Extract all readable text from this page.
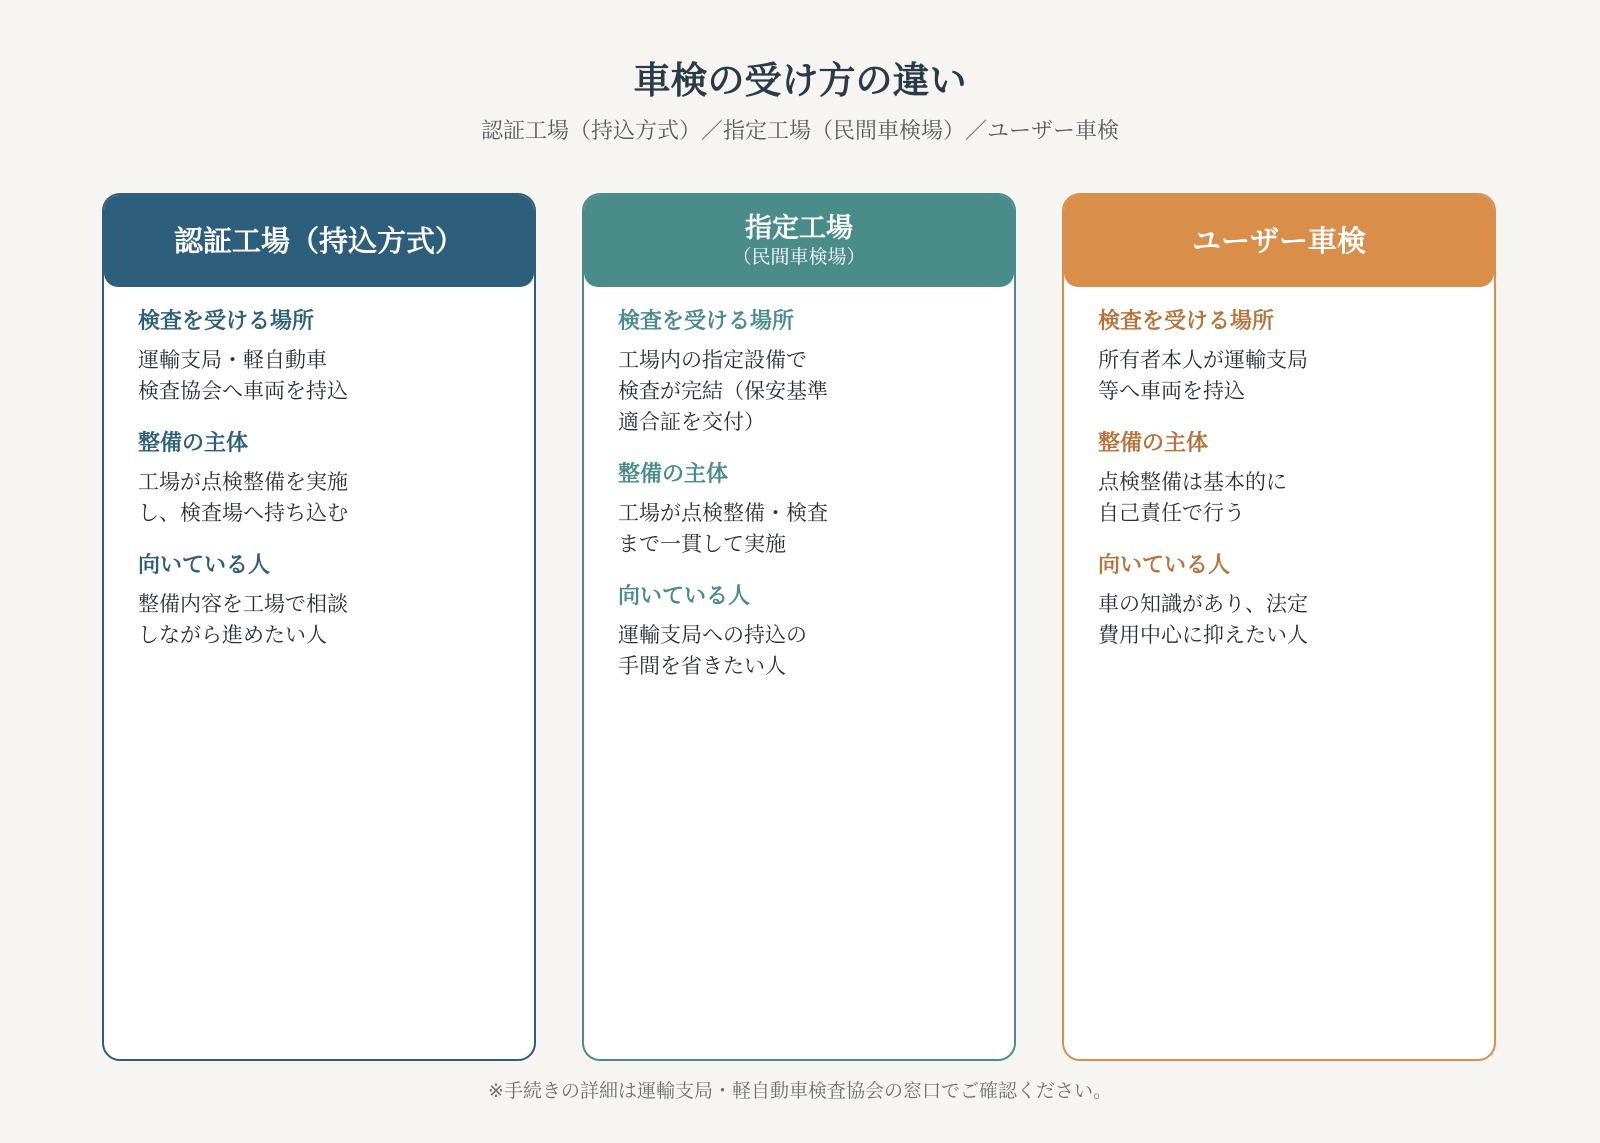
車検の受け方の違い
認証工場（持込方式）／指定工場（民間車検場）／ユーザー車検
認証工場（持込方式）
検査を受ける場所
運輸支局・軽自動車
検査協会へ車両を持込
整備の主体
工場が点検整備を実施
し、検査場へ持ち込む
向いている人
整備内容を工場で相談
しながら進めたい人
指定工場
（民間車検場）
検査を受ける場所
工場内の指定設備で
検査が完結（保安基準
適合証を交付）
整備の主体
工場が点検整備・検査
まで一貫して実施
向いている人
運輸支局への持込の
手間を省きたい人
ユーザー車検
検査を受ける場所
所有者本人が運輸支局
等へ車両を持込
整備の主体
点検整備は基本的に
自己責任で行う
向いている人
車の知識があり、法定
費用中心に抑えたい人
※手続きの詳細は運輸支局・軽自動車検査協会の窓口でご確認ください。
